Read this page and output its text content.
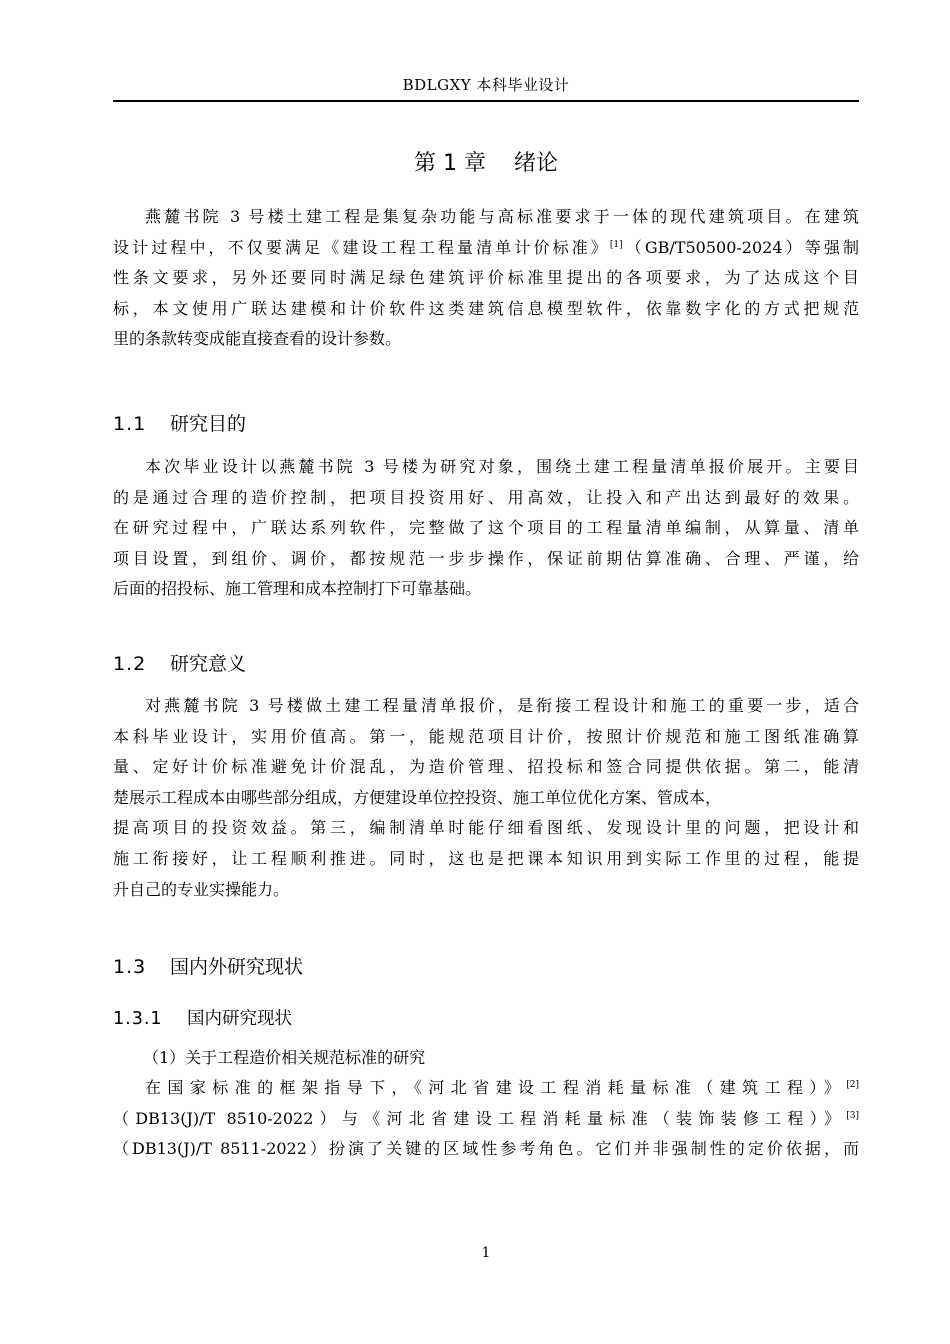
BDLGXY 本科毕业设计
第 1 章    绪论
燕麓书院 3 号楼土建工程是集复杂功能与高标准要求于一体的现代建筑项目。在建筑
设计过程中，不仅要满足《建设工程工程量清单计价标准》[1]（GB/T50500-2024）等强制
性条文要求，另外还要同时满足绿色建筑评价标准里提出的各项要求，为了达成这个目
标，本文使用广联达建模和计价软件这类建筑信息模型软件，依靠数字化的方式把规范
里的条款转变成能直接查看的设计参数。
1.1 研究目的
本次毕业设计以燕麓书院 3 号楼为研究对象，围绕土建工程量清单报价展开。主要目
的是通过合理的造价控制，把项目投资用好、用高效，让投入和产出达到最好的效果。
在研究过程中，广联达系列软件，完整做了这个项目的工程量清单编制，从算量、清单
项目设置，到组价、调价，都按规范一步步操作，保证前期估算准确、合理、严谨，给
后面的招投标、施工管理和成本控制打下可靠基础。
1.2 研究意义
对燕麓书院 3 号楼做土建工程量清单报价，是衔接工程设计和施工的重要一步，适合
本科毕业设计，实用价值高。第一，能规范项目计价，按照计价规范和施工图纸准确算
量、定好计价标准避免计价混乱，为造价管理、招投标和签合同提供依据。第二，能清
楚展示工程成本由哪些部分组成，方便建设单位控投资、施工单位优化方案、管成本，
提高项目的投资效益。第三，编制清单时能仔细看图纸、发现设计里的问题，把设计和
施工衔接好，让工程顺利推进。同时，这也是把课本知识用到实际工作里的过程，能提
升自己的专业实操能力。
1.3 国内外研究现状
1.3.1 国内研究现状
（1）关于工程造价相关规范标准的研究
在国家标准的框架指导下，《河北省建设工程消耗量标准（建筑工程）》[2]
（DB13(J)/T 8510-2022）与《河北省建设工程消耗量标准（装饰装修工程）》[3]
（DB13(J)/T 8511-2022）扮演了关键的区域性参考角色。它们并非强制性的定价依据，而
1
